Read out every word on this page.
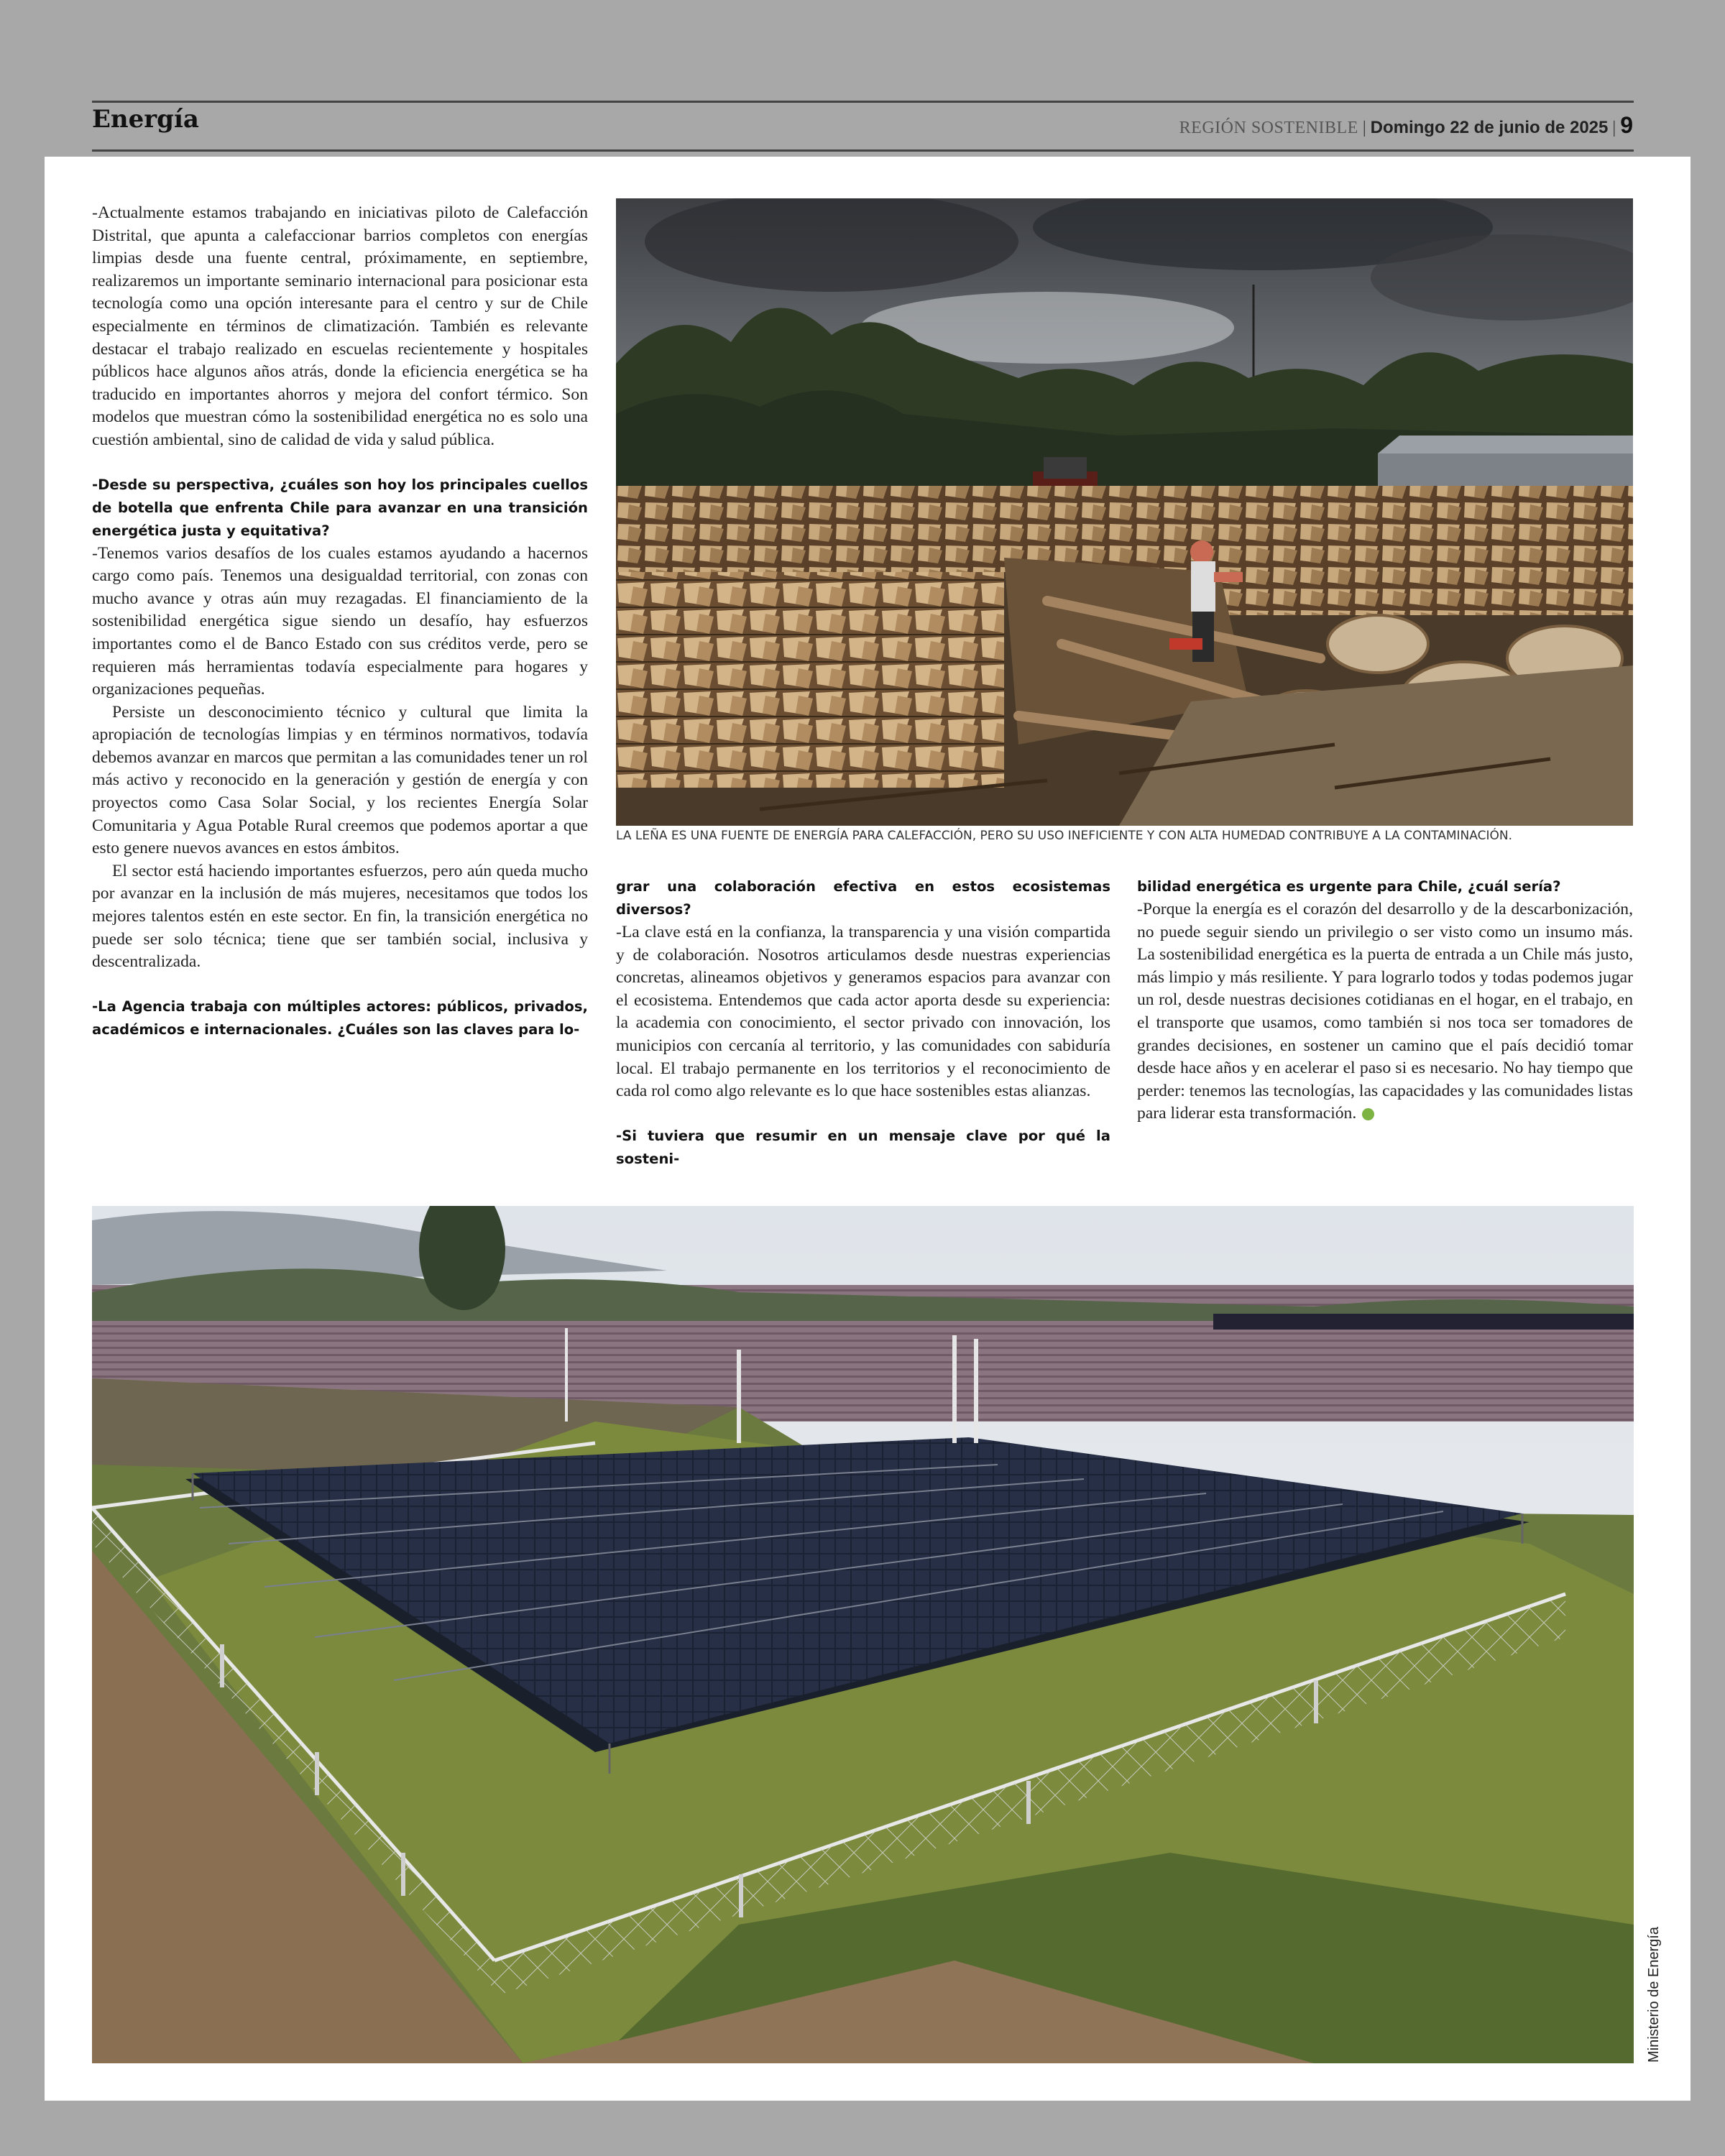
Energía	REGIÓN SOSTENIBLE | Domingo 22 de junio de 2025 | 9

-Actualmente estamos trabajando en iniciativas piloto de Calefacción Distrital, que apunta a calefaccionar barrios completos con energías limpias desde una fuente central, próximamente, en septiembre, realizaremos un importante seminario internacional para posicionar esta tecnología como una opción interesante para el centro y sur de Chile especialmente en términos de climatización. También es relevante destacar el trabajo realizado en escuelas recientemente y hospitales públicos hace algunos años atrás, donde la eficiencia energética se ha traducido en importantes ahorros y mejora del confort térmico. Son modelos que muestran cómo la sostenibilidad energética no es solo una cuestión ambiental, sino de calidad de vida y salud pública.

-Desde su perspectiva, ¿cuáles son hoy los principales cuellos de botella que enfrenta Chile para avanzar en una transición energética justa y equitativa?

-Tenemos varios desafíos de los cuales estamos ayudando a hacernos cargo como país. Tenemos una desigualdad territorial, con zonas con mucho avance y otras aún muy rezagadas. El financiamiento de la sostenibilidad energética sigue siendo un desafío, hay esfuerzos importantes como el de Banco Estado con sus créditos verde, pero se requieren más herramientas todavía especialmente para hogares y organizaciones pequeñas.

Persiste un desconocimiento técnico y cultural que limita la apropiación de tecnologías limpias y en términos normativos, todavía debemos avanzar en marcos que permitan a las comunidades tener un rol más activo y reconocido en la generación y gestión de energía y con proyectos como Casa Solar Social, y los recientes Energía Solar Comunitaria y Agua Potable Rural creemos que podemos aportar a que esto genere nuevos avances en estos ámbitos.

El sector está haciendo importantes esfuerzos, pero aún queda mucho por avanzar en la inclusión de más mujeres, necesitamos que todos los mejores talentos estén en este sector. En fin, la transición energética no puede ser solo técnica; tiene que ser también social, inclusiva y descentralizada.

-La Agencia trabaja con múltiples actores: públicos, privados, académicos e internacionales. ¿Cuáles son las claves para lo-

LA LEÑA ES UNA FUENTE DE ENERGÍA PARA CALEFACCIÓN, PERO SU USO INEFICIENTE Y CON ALTA HUMEDAD CONTRIBUYE A LA CONTAMINACIÓN.

grar una colaboración efectiva en estos ecosistemas diversos?

-La clave está en la confianza, la transparencia y una visión compartida y de colaboración. Nosotros articulamos desde nuestras experiencias concretas, alineamos objetivos y generamos espacios para avanzar con el ecosistema. Entendemos que cada actor aporta desde su experiencia: la academia con conocimiento, el sector privado con innovación, los municipios con cercanía al territorio, y las comunidades con sabiduría local. El trabajo permanente en los territorios y el reconocimiento de cada rol como algo relevante es lo que hace sostenibles estas alianzas.

-Si tuviera que resumir en un mensaje clave por qué la sosteni-

bilidad energética es urgente para Chile, ¿cuál sería?

-Porque la energía es el corazón del desarrollo y de la descarbonización, no puede seguir siendo un privilegio o ser visto como un insumo más. La sostenibilidad energética es la puerta de entrada a un Chile más justo, más limpio y más resiliente. Y para lograrlo todos y todas podemos jugar un rol, desde nuestras decisiones cotidianas en el hogar, en el trabajo, en el transporte que usamos, como también si nos toca ser tomadores de grandes decisiones, en sostener un camino que el país decidió tomar desde hace años y en acelerar el paso si es necesario. No hay tiempo que perder: tenemos las tecnologías, las capacidades y las comunidades listas para liderar esta transformación.

Ministerio de Energía
